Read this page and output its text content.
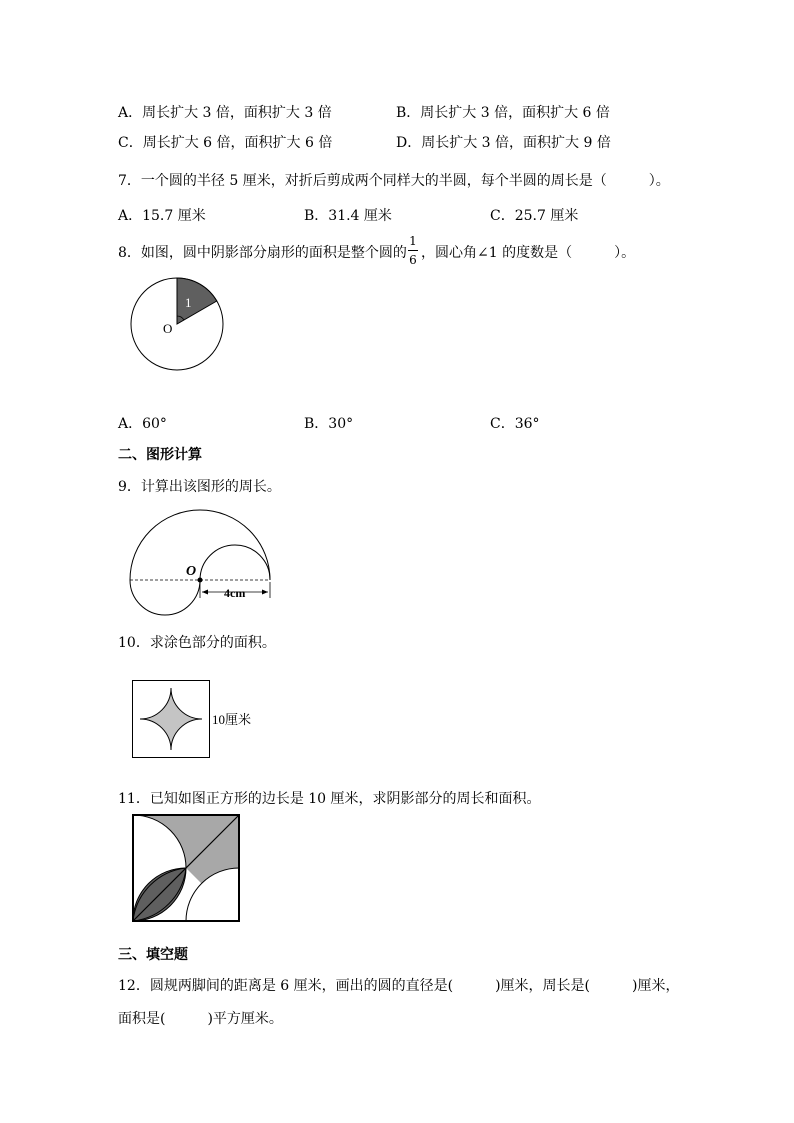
A．周长扩大 3 倍，面积扩大 3 倍	B．周长扩大 3 倍，面积扩大 6 倍
C．周长扩大 6 倍，面积扩大 6 倍	D．周长扩大 3 倍，面积扩大 9 倍
7．一个圆的半径 5 厘米，对折后剪成两个同样大的半圆，每个半圆的周长是（　　　）。
A．15.7 厘米	B．31.4 厘米	C．25.7 厘米
8．如图，圆中阴影部分扇形的面积是整个圆的
1
6 ，圆心角∠1 的度数是（　　　）。
1
O
A．60°	B．30°	C．36°
二、图形计算
9．计算出该图形的周长。
O
4cm
10．求涂色部分的面积。
10厘米
11．已知如图正方形的边长是 10 厘米，求阴影部分的周长和面积。
三、填空题
12．圆规两脚间的距离是 6 厘米，画出的圆的直径是(　　　)厘米，周长是(　　　)厘米，
面积是(　　　)平方厘米。
